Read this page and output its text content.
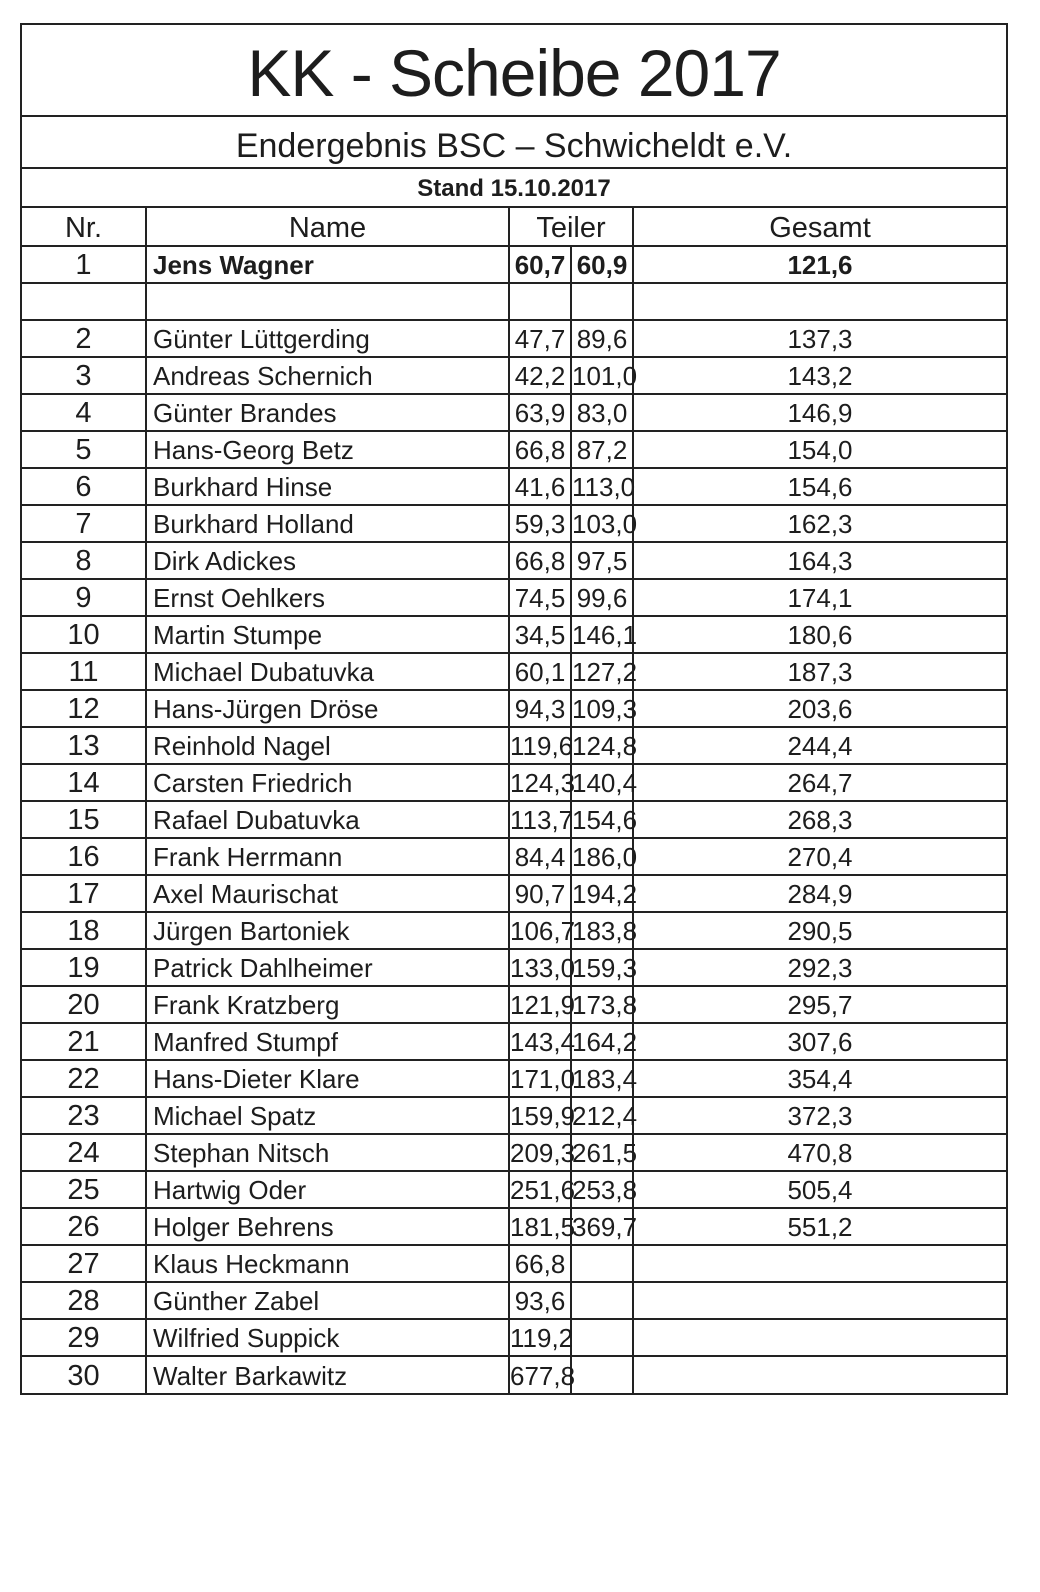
KK - Scheibe 2017
Endergebnis BSC – Schwicheldt e.V.
Stand 15.10.2017
Nr.	Name	Teiler		Gesamt
1	Jens Wagner	60,7	60,9	121,6

2	Günter Lüttgerding	47,7	89,6	137,3
3	Andreas Schernich	42,2	101,0	143,2
4	Günter Brandes	63,9	83,0	146,9
5	Hans-Georg Betz	66,8	87,2	154,0
6	Burkhard Hinse	41,6	113,0	154,6
7	Burkhard Holland	59,3	103,0	162,3
8	Dirk Adickes	66,8	97,5	164,3
9	Ernst Oehlkers	74,5	99,6	174,1
10	Martin Stumpe	34,5	146,1	180,6
11	Michael Dubatuvka	60,1	127,2	187,3
12	Hans-Jürgen Dröse	94,3	109,3	203,6
13	Reinhold Nagel	119,6	124,8	244,4
14	Carsten Friedrich	124,3	140,4	264,7
15	Rafael Dubatuvka	113,7	154,6	268,3
16	Frank Herrmann	84,4	186,0	270,4
17	Axel Maurischat	90,7	194,2	284,9
18	Jürgen Bartoniek	106,7	183,8	290,5
19	Patrick Dahlheimer	133,0	159,3	292,3
20	Frank Kratzberg	121,9	173,8	295,7
21	Manfred Stumpf	143,4	164,2	307,6
22	Hans-Dieter Klare	171,0	183,4	354,4
23	Michael Spatz	159,9	212,4	372,3
24	Stephan Nitsch	209,3	261,5	470,8
25	Hartwig Oder	251,6	253,8	505,4
26	Holger Behrens	181,5	369,7	551,2
27	Klaus Heckmann	66,8		
28	Günther Zabel	93,6		
29	Wilfried Suppick	119,2		
30	Walter Barkawitz	677,8		
